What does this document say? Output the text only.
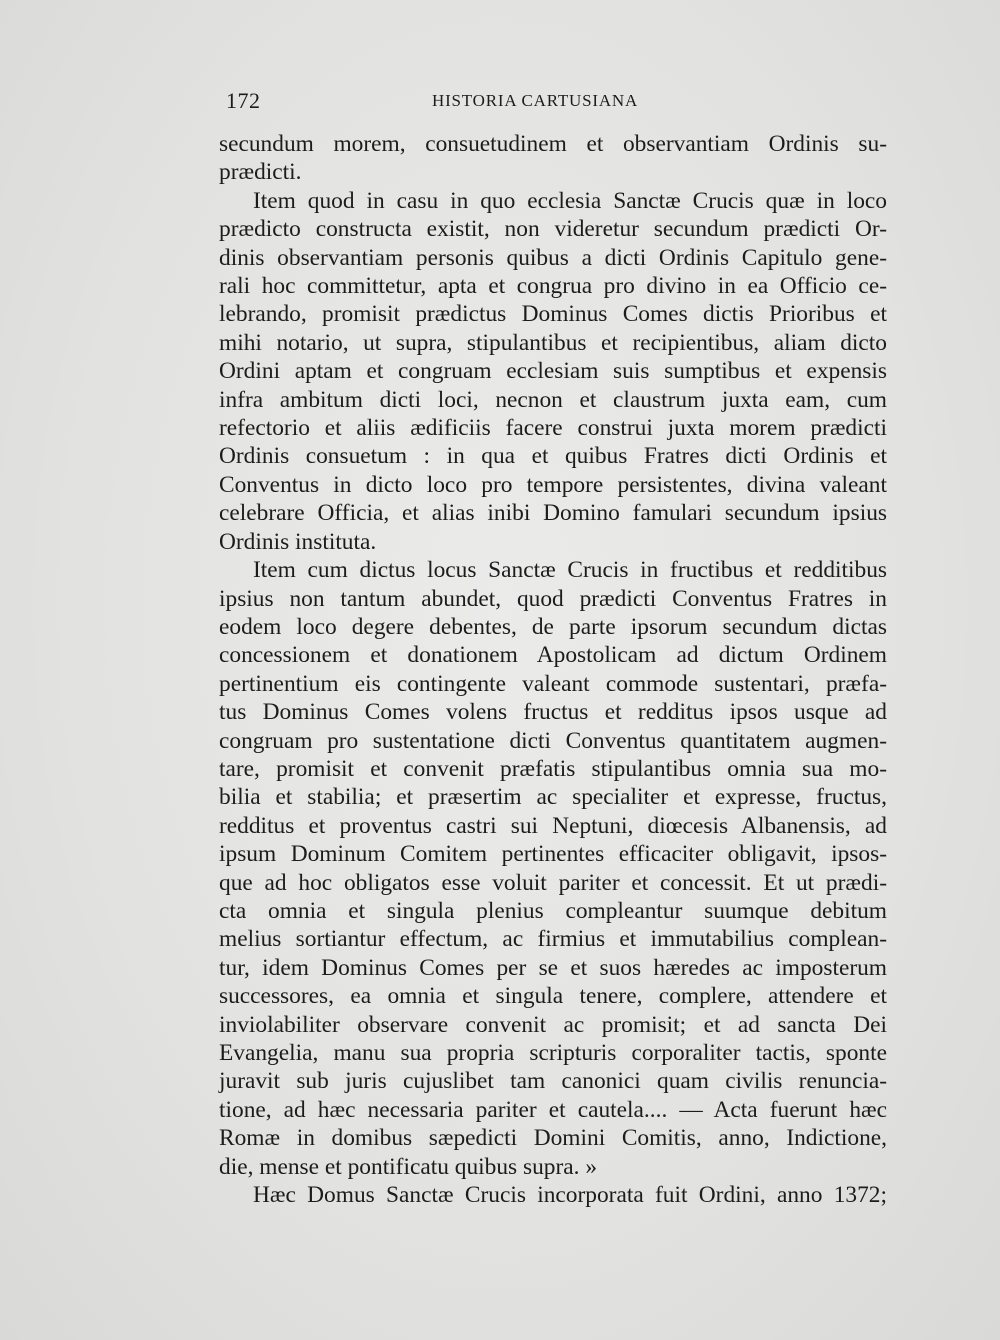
172	HISTORIA CARTUSIANA
secundum morem, consuetudinem et observantiam Ordinis su-
prædicti.
Item quod in casu in quo ecclesia Sanctæ Crucis quæ in loco
prædicto constructa existit, non videretur secundum prædicti Or-
dinis observantiam personis quibus a dicti Ordinis Capitulo gene-
rali hoc committetur, apta et congrua pro divino in ea Officio ce-
lebrando, promisit prædictus Dominus Comes dictis Prioribus et
mihi notario, ut supra, stipulantibus et recipientibus, aliam dicto
Ordini aptam et congruam ecclesiam suis sumptibus et expensis
infra ambitum dicti loci, necnon et claustrum juxta eam, cum
refectorio et aliis ædificiis facere construi juxta morem prædicti
Ordinis consuetum : in qua et quibus Fratres dicti Ordinis et
Conventus in dicto loco pro tempore persistentes, divina valeant
celebrare Officia, et alias inibi Domino famulari secundum ipsius
Ordinis instituta.
Item cum dictus locus Sanctæ Crucis in fructibus et redditibus
ipsius non tantum abundet, quod prædicti Conventus Fratres in
eodem loco degere debentes, de parte ipsorum secundum dictas
concessionem et donationem Apostolicam ad dictum Ordinem
pertinentium eis contingente valeant commode sustentari, præfa-
tus Dominus Comes volens fructus et redditus ipsos usque ad
congruam pro sustentatione dicti Conventus quantitatem augmen-
tare, promisit et convenit præfatis stipulantibus omnia sua mo-
bilia et stabilia; et præsertim ac specialiter et expresse, fructus,
redditus et proventus castri sui Neptuni, diœcesis Albanensis, ad
ipsum Dominum Comitem pertinentes efficaciter obligavit, ipsos-
que ad hoc obligatos esse voluit pariter et concessit. Et ut prædi-
cta omnia et singula plenius compleantur suumque debitum
melius sortiantur effectum, ac firmius et immutabilius complean-
tur, idem Dominus Comes per se et suos hæredes ac imposterum
successores, ea omnia et singula tenere, complere, attendere et
inviolabiliter observare convenit ac promisit; et ad sancta Dei
Evangelia, manu sua propria scripturis corporaliter tactis, sponte
juravit sub juris cujuslibet tam canonici quam civilis renuncia-
tione, ad hæc necessaria pariter et cautela.... — Acta fuerunt hæc
Romæ in domibus sæpedicti Domini Comitis, anno, Indictione,
die, mense et pontificatu quibus supra. »
Hæc Domus Sanctæ Crucis incorporata fuit Ordini, anno 1372;
